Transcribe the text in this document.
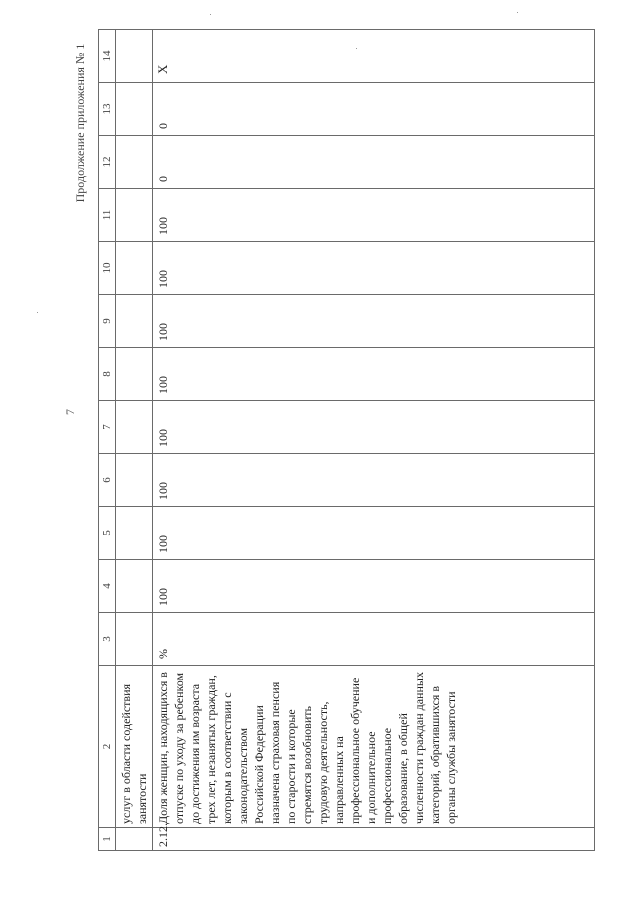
7
Продолжение приложения № 1
1	2	3	4	5	6	7	8	9	10	11	12	13	14
	услуг в области содействия занятости												
2.12.	Доля женщин, находящихся в отпуске по уходу за ребенком до достижения им возраста трех лет, незанятых граждан, которым в соответствии с законодательством Российской Федерации назначена страховая пенсия по старости и которые стремятся возобновить трудовую деятельность, направленных на профессиональное обучение и дополнительное профессиональное образование, в общей численности граждан данных категорий, обратившихся в органы службы занятости	%	100	100	100	100	100	100	100	100	0	0	X
